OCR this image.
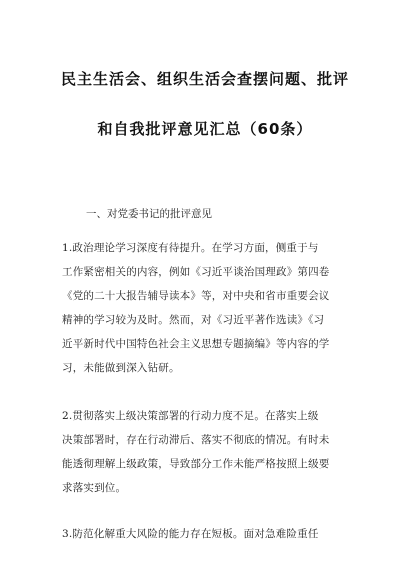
民主生活会、组织生活会查摆问题、批评
和自我批评意见汇总（60条）
一、对党委书记的批评意见
1.政治理论学习深度有待提升。在学习方面，侧重于与
工作紧密相关的内容，例如《习近平谈治国理政》第四卷
《党的二十大报告辅导读本》等，对中央和省市重要会议
精神的学习较为及时。然而，对《习近平著作选读》《习
近平新时代中国特色社会主义思想专题摘编》等内容的学
习，未能做到深入钻研。
2.贯彻落实上级决策部署的行动力度不足。在落实上级
决策部署时，存在行动滞后、落实不彻底的情况。有时未
能透彻理解上级政策，导致部分工作未能严格按照上级要
求落实到位。
3.防范化解重大风险的能力存在短板。面对急难险重任
